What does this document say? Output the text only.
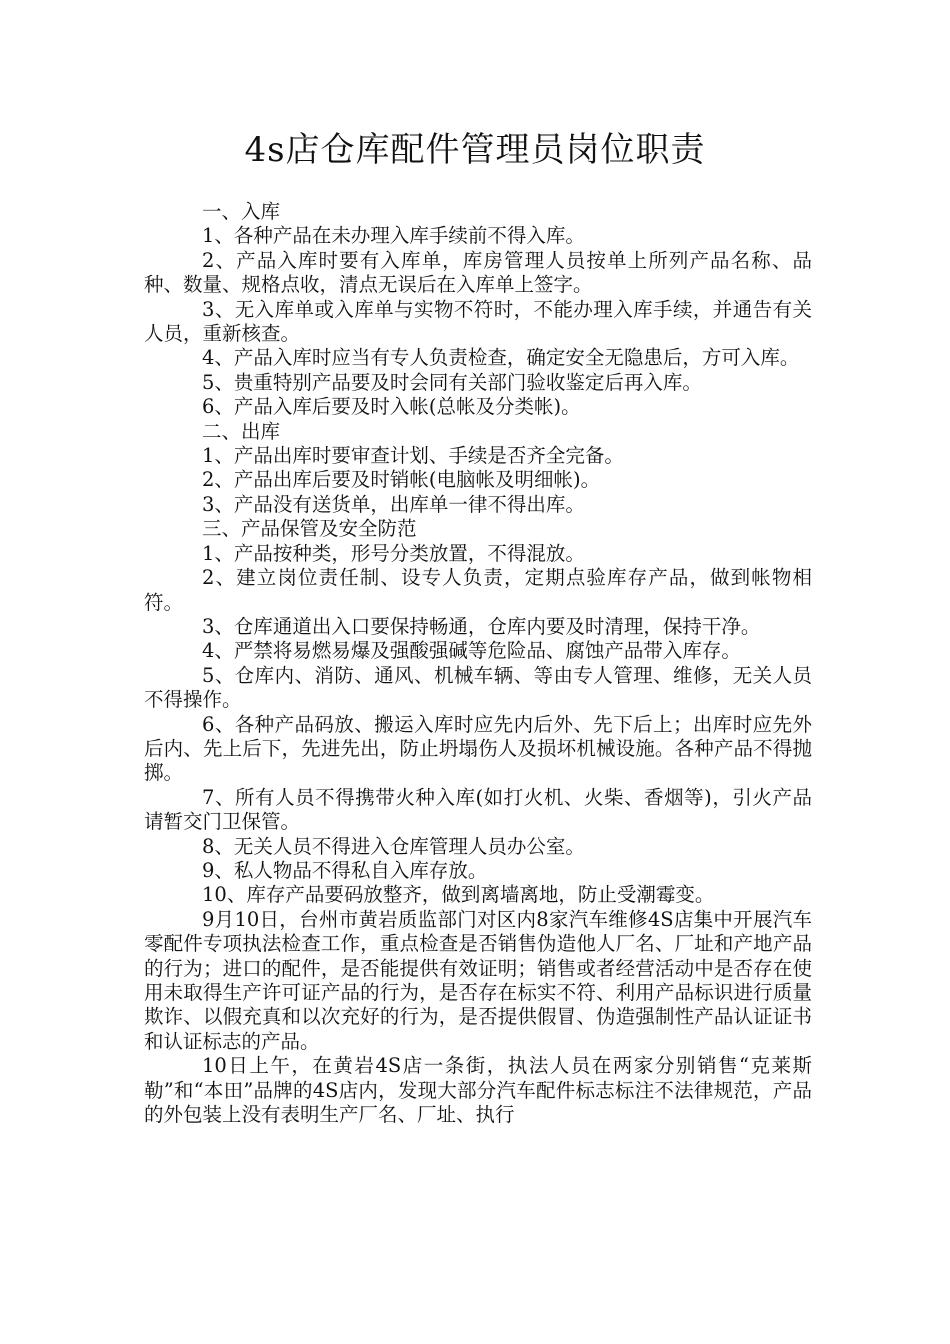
4s店仓库配件管理员岗位职责

一、入库

1、各种产品在未办理入库手续前不得入库。

2、产品入库时要有入库单，库房管理人员按单上所列产品名称、品种、数量、规格点收，清点无误后在入库单上签字。

3、无入库单或入库单与实物不符时，不能办理入库手续，并通告有关人员，重新核查。

4、产品入库时应当有专人负责检查，确定安全无隐患后，方可入库。

5、贵重特别产品要及时会同有关部门验收鉴定后再入库。

6、产品入库后要及时入帐(总帐及分类帐)。

二、出库

1、产品出库时要审查计划、手续是否齐全完备。

2、产品出库后要及时销帐(电脑帐及明细帐)。

3、产品没有送货单，出库单一律不得出库。

三、产品保管及安全防范

1、产品按种类，形号分类放置，不得混放。

2、建立岗位责任制、设专人负责，定期点验库存产品，做到帐物相符。

3、仓库通道出入口要保持畅通，仓库内要及时清理，保持干净。

4、严禁将易燃易爆及强酸强碱等危险品、腐蚀产品带入库存。

5、仓库内、消防、通风、机械车辆、等由专人管理、维修，无关人员不得操作。

6、各种产品码放、搬运入库时应先内后外、先下后上；出库时应先外后内、先上后下，先进先出，防止坍塌伤人及损坏机械设施。各种产品不得抛掷。

7、所有人员不得携带火种入库(如打火机、火柴、香烟等)，引火产品请暂交门卫保管。

8、无关人员不得进入仓库管理人员办公室。

9、私人物品不得私自入库存放。

10、库存产品要码放整齐，做到离墙离地，防止受潮霉变。

9月10日，台州市黄岩质监部门对区内8家汽车维修4S店集中开展汽车零配件专项执法检查工作，重点检查是否销售伪造他人厂名、厂址和产地产品的行为；进口的配件，是否能提供有效证明；销售或者经营活动中是否存在使用未取得生产许可证产品的行为，是否存在标实不符、利用产品标识进行质量欺诈、以假充真和以次充好的行为，是否提供假冒、伪造强制性产品认证证书和认证标志的产品。

10日上午，在黄岩4S店一条街，执法人员在两家分别销售“克莱斯勒”和“本田”品牌的4S店内，发现大部分汽车配件标志标注不法律规范，产品的外包装上没有表明生产厂名、厂址、执行
